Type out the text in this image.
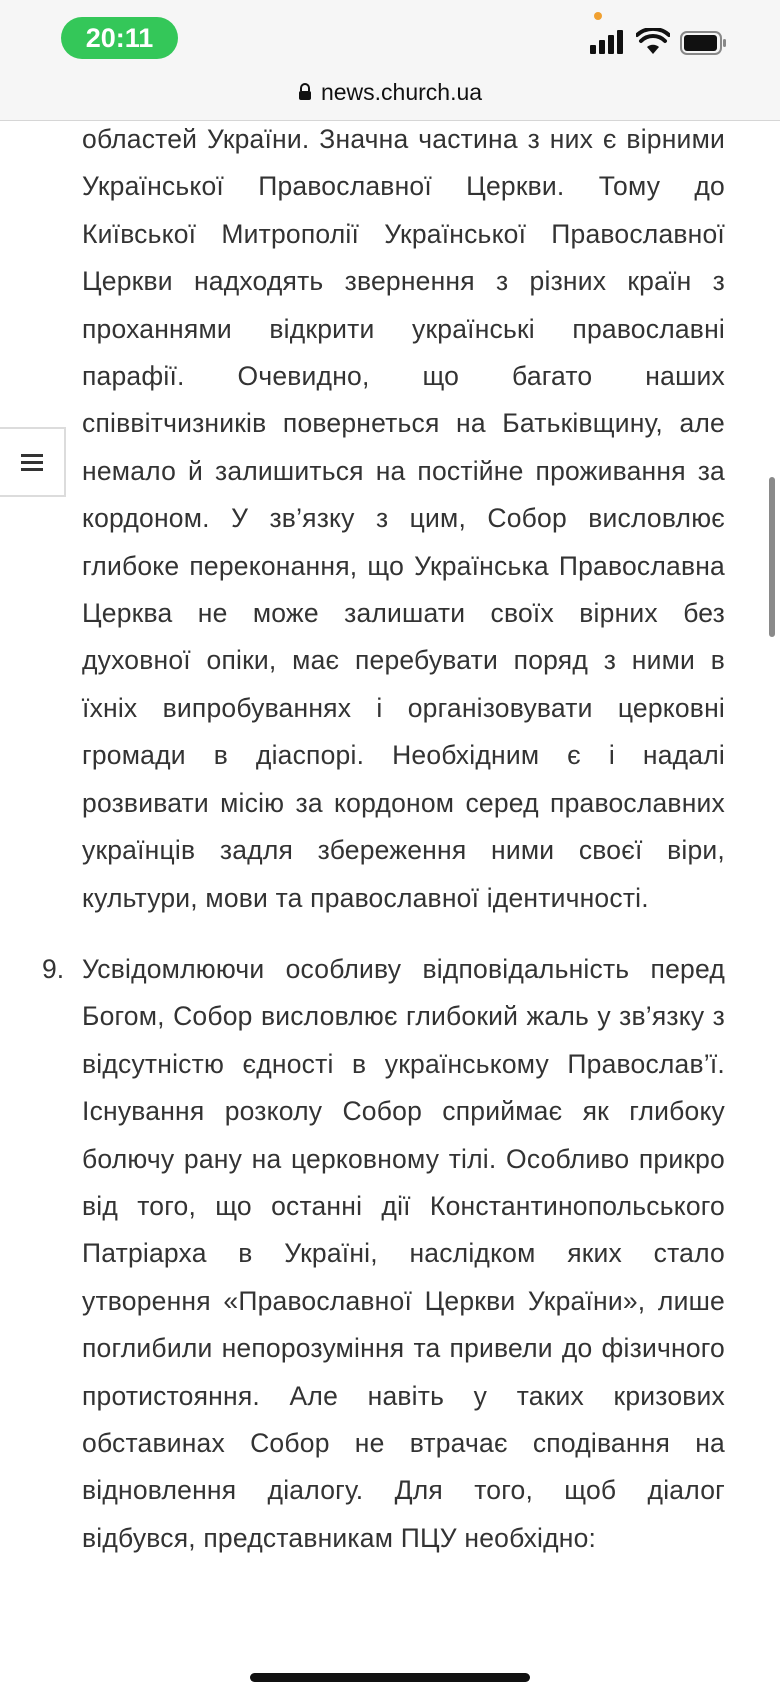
20:11
news.church.ua

областей України. Значна частина з них є вірними Української Православної Церкви. Тому до Київської Митрополії Української Православної Церкви надходять звернення з різних країн з проханнями відкрити українські православні парафії. Очевидно, що багато наших співвітчизників повернеться на Батьківщину, але немало й залишиться на постійне проживання за кордоном. У зв’язку з цим, Собор висловлює глибоке переконання, що Українська Православна Церква не може залишати своїх вірних без духовної опіки, має перебувати поряд з ними в їхніх випробуваннях і організовувати церковні громади в діаспорі. Необхідним є і надалі розвивати місію за кордоном серед православних українців задля збереження ними своєї віри, культури, мови та православної ідентичності.

9. Усвідомлюючи особливу відповідальність перед Богом, Собор висловлює глибокий жаль у зв’язку з відсутністю єдності в українському Православ’ї. Існування розколу Собор сприймає як глибоку болючу рану на церковному тілі. Особливо прикро від того, що останні дії Константинопольського Патріарха в Україні, наслідком яких стало утворення «Православної Церкви України», лише поглибили непорозуміння та привели до фізичного протистояння. Але навіть у таких кризових обставинах Собор не втрачає сподівання на відновлення діалогу. Для того, щоб діалог відбувся, представникам ПЦУ необхідно:
